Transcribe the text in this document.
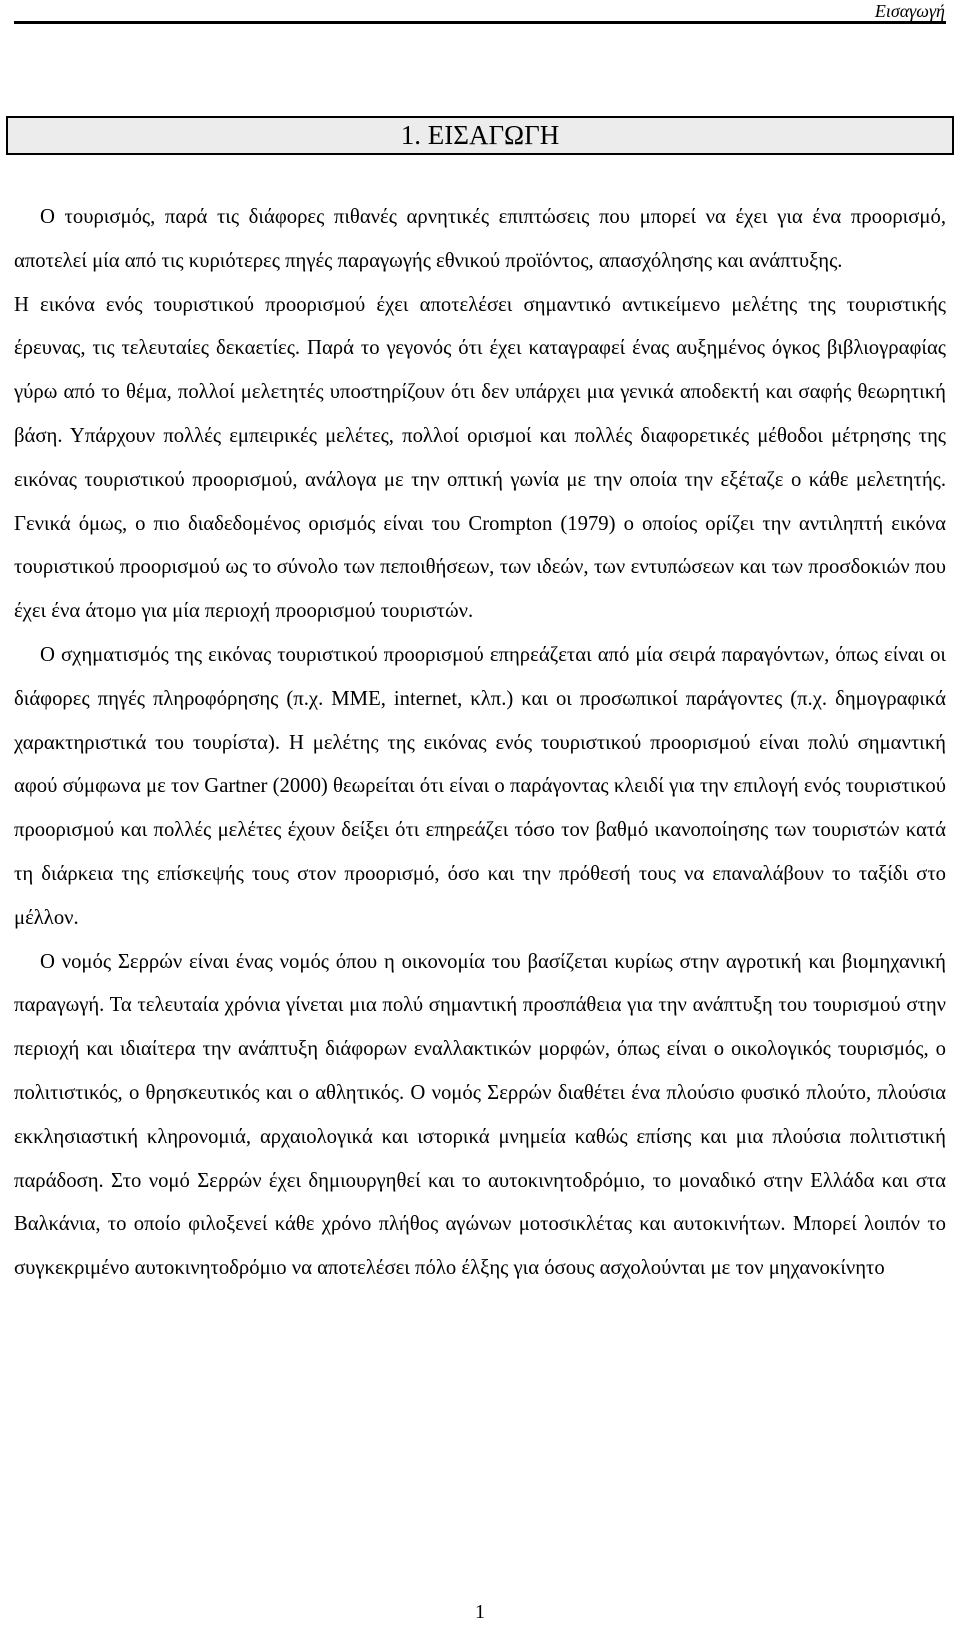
Εισαγωγή
1. ΕΙΣΑΓΩΓΗ

Ο τουρισμός, παρά τις διάφορες πιθανές αρνητικές επιπτώσεις που μπορεί να έχει για ένα προορισμό, αποτελεί μία από τις κυριότερες πηγές παραγωγής εθνικού προϊόντος, απασχόλησης και ανάπτυξης.

Η εικόνα ενός τουριστικού προορισμού έχει αποτελέσει σημαντικό αντικείμενο μελέτης της τουριστικής έρευνας, τις τελευταίες δεκαετίες. Παρά το γεγονός ότι έχει καταγραφεί ένας αυξημένος όγκος βιβλιογραφίας γύρω από το θέμα, πολλοί μελετητές υποστηρίζουν ότι δεν υπάρχει μια γενικά αποδεκτή και σαφής θεωρητική βάση. Υπάρχουν πολλές εμπειρικές μελέτες, πολλοί ορισμοί και πολλές διαφορετικές μέθοδοι μέτρησης της εικόνας τουριστικού προορισμού, ανάλογα με την οπτική γωνία με την οποία την εξέταζε ο κάθε μελετητής. Γενικά όμως, ο πιο διαδεδομένος ορισμός είναι του Crompton (1979) ο οποίος ορίζει την αντιληπτή εικόνα τουριστικού προορισμού ως το σύνολο των πεποιθήσεων, των ιδεών, των εντυπώσεων και των προσδοκιών που έχει ένα άτομο για μία περιοχή προορισμού τουριστών.

Ο σχηματισμός της εικόνας τουριστικού προορισμού επηρεάζεται από μία σειρά παραγόντων, όπως είναι οι διάφορες πηγές πληροφόρησης (π.χ. ΜΜΕ, internet, κλπ.) και οι προσωπικοί παράγοντες (π.χ. δημογραφικά χαρακτηριστικά του τουρίστα). Η μελέτης της εικόνας ενός τουριστικού προορισμού είναι πολύ σημαντική αφού σύμφωνα με τον Gartner (2000) θεωρείται ότι είναι ο παράγοντας κλειδί για την επιλογή ενός τουριστικού προορισμού και πολλές μελέτες έχουν δείξει ότι επηρεάζει τόσο τον βαθμό ικανοποίησης των τουριστών κατά τη διάρκεια της επίσκεψής τους στον προορισμό, όσο και την πρόθεσή τους να επαναλάβουν το ταξίδι στο μέλλον.

Ο νομός Σερρών είναι ένας νομός όπου η οικονομία του βασίζεται κυρίως στην αγροτική και βιομηχανική παραγωγή. Τα τελευταία χρόνια γίνεται μια πολύ σημαντική προσπάθεια για την ανάπτυξη του τουρισμού στην περιοχή και ιδιαίτερα την ανάπτυξη διάφορων εναλλακτικών μορφών, όπως είναι ο οικολογικός τουρισμός, ο πολιτιστικός, ο θρησκευτικός και ο αθλητικός. Ο νομός Σερρών διαθέτει ένα πλούσιο φυσικό πλούτο, πλούσια εκκλησιαστική κληρονομιά, αρχαιολογικά και ιστορικά μνημεία καθώς επίσης και μια πλούσια πολιτιστική παράδοση. Στο νομό Σερρών έχει δημιουργηθεί και το αυτοκινητοδρόμιο, το μοναδικό στην Ελλάδα και στα Βαλκάνια, το οποίο φιλοξενεί κάθε χρόνο πλήθος αγώνων μοτοσικλέτας και αυτοκινήτων. Μπορεί λοιπόν το συγκεκριμένο αυτοκινητοδρόμιο να αποτελέσει πόλο έλξης για όσους ασχολούνται με τον μηχανοκίνητο

1
